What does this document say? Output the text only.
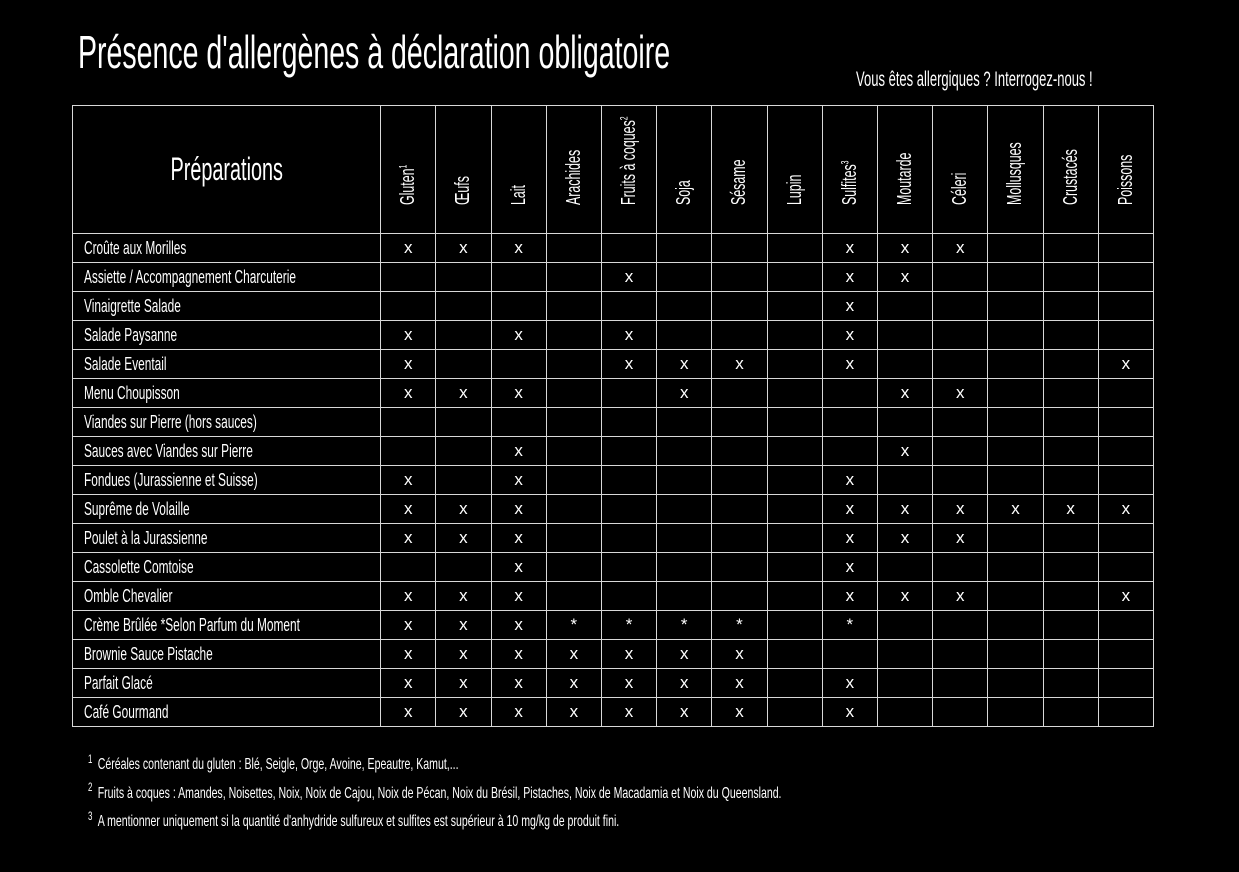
Présence d'allergènes à déclaration obligatoire
Vous êtes allergiques ? Interrogez-nous !
Préparations	Gluten$^1$	Œufs	Lait	Arachides	Fruits à coques$^2$	Soja	Sésame	Lupin	Sulfites$^3$	Moutarde	Céleri	Mollusques	Crustacés	Poissons

Croûte aux Morilles	x	x	x						x	x	x			
Assiette / Accompagnement Charcuterie					x				x	x				
Vinaigrette Salade									x					
Salade Paysanne	x		x		x				x					
Salade Eventail	x				x	x	x		x					x
Menu Choupisson	x	x	x			x				x	x			
Viandes sur Pierre (hors sauces)														
Sauces avec Viandes sur Pierre			x							x				
Fondues (Jurassienne et Suisse)	x		x						x					
Suprême de Volaille	x	x	x						x	x	x	x	x	x
Poulet à la Jurassienne	x	x	x						x	x	x			
Cassolette Comtoise			x						x					
Omble Chevalier	x	x	x						x	x	x			x
Crème Brûlée *Selon Parfum du Moment	x	x	x	*	*	*	*		*					
Brownie Sauce Pistache	x	x	x	x	x	x	x							
Parfait Glacé	x	x	x	x	x	x	x		x					
Café Gourmand	x	x	x	x	x	x	x		x					
$^1$ Céréales contenant du gluten : Blé, Seigle, Orge, Avoine, Epeautre, Kamut,...
$^2$ Fruits à coques : Amandes, Noisettes, Noix, Noix de Cajou, Noix de Pécan, Noix du Brésil, Pistaches, Noix de Macadamia et Noix du Queensland.
$^3$ A mentionner uniquement si la quantité d'anhydride sulfureux et sulfites est supérieur à 10 mg/kg de produit fini.
